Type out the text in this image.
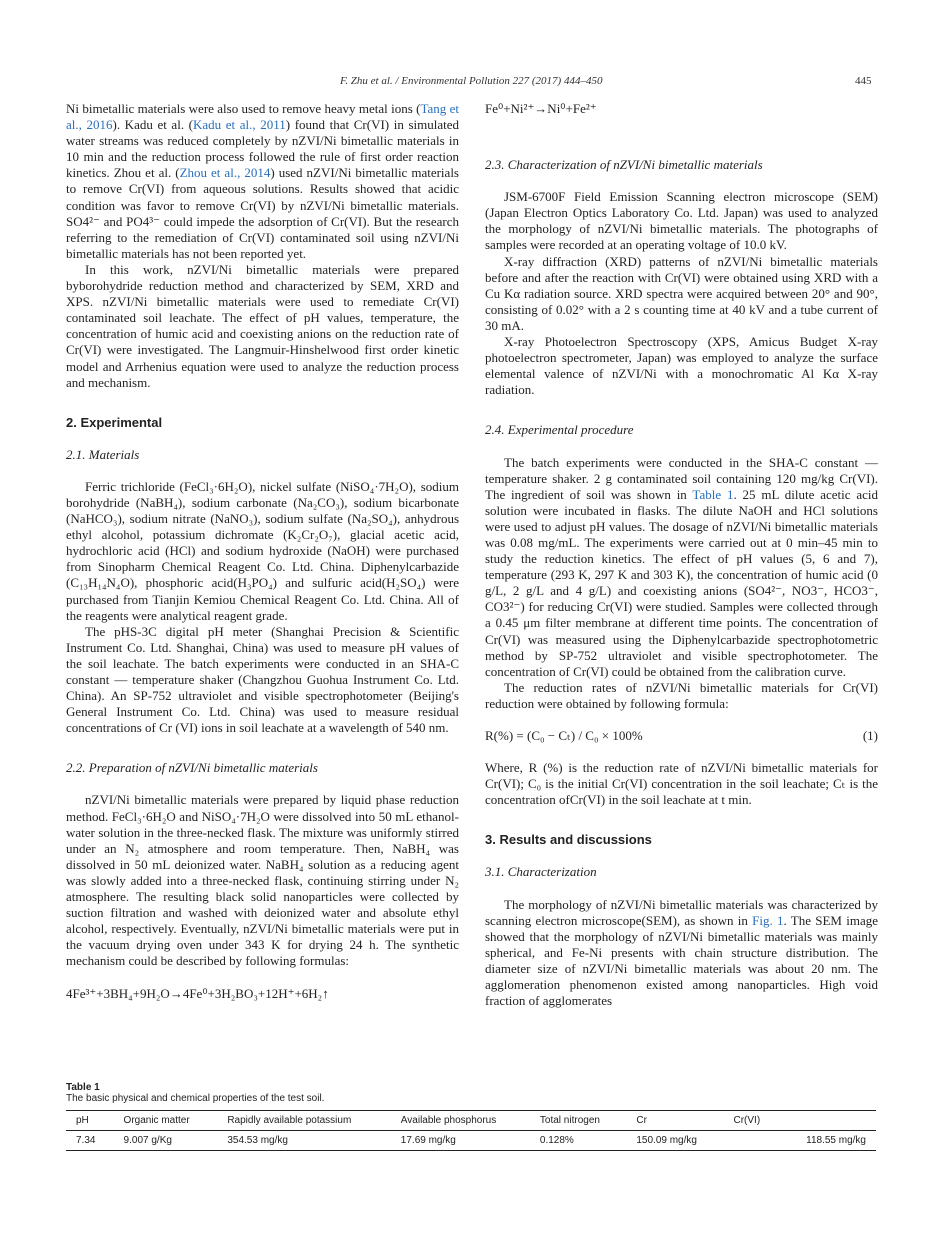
F. Zhu et al. / Environmental Pollution 227 (2017) 444–450	445

Ni bimetallic materials were also used to remove heavy metal ions (Tang et al., 2016). Kadu et al. (Kadu et al., 2011) found that Cr(VI) in simulated water streams was reduced completely by nZVI/Ni bimetallic materials in 10 min and the reduction process followed the rule of first order reaction kinetics. Zhou et al. (Zhou et al., 2014) used nZVI/Ni bimetallic materials to remove Cr(VI) from aqueous solutions. Results showed that acidic condition was favor to remove Cr(VI) by nZVI/Ni bimetallic materials. SO4²⁻ and PO4³⁻ could impede the adsorption of Cr(VI). But the research referring to the remediation of Cr(VI) contaminated soil using nZVI/Ni bimetallic materials has not been reported yet.

In this work, nZVI/Ni bimetallic materials were prepared byborohydride reduction method and characterized by SEM, XRD and XPS. nZVI/Ni bimetallic materials were used to remediate Cr(VI) contaminated soil leachate. The effect of pH values, temperature, the concentration of humic acid and coexisting anions on the reduction rate of Cr(VI) were investigated. The Langmuir-Hinshelwood first order kinetic model and Arrhenius equation were used to analyze the reduction process and mechanism.

2. Experimental

2.1. Materials

Ferric trichloride (FeCl₃·6H₂O), nickel sulfate (NiSO₄·7H₂O), sodium borohydride (NaBH₄), sodium carbonate (Na₂CO₃), sodium bicarbonate (NaHCO₃), sodium nitrate (NaNO₃), sodium sulfate (Na₂SO₄), anhydrous ethyl alcohol, potassium dichromate (K₂Cr₂O₇), glacial acetic acid, hydrochloric acid (HCl) and sodium hydroxide (NaOH) were purchased from Sinopharm Chemical Reagent Co. Ltd. China. Diphenylcarbazide (C₁₃H₁₄N₄O), phosphoric acid(H₃PO₄) and sulfuric acid(H₂SO₄) were purchased from Tianjin Kemiou Chemical Reagent Co. Ltd. China. All of the reagents were analytical reagent grade.

The pHS-3C digital pH meter (Shanghai Precision & Scientific Instrument Co. Ltd. Shanghai, China) was used to measure pH values of the soil leachate. The batch experiments were conducted in an SHA-C constant — temperature shaker (Changzhou Guohua Instrument Co. Ltd. China). An SP-752 ultraviolet and visible spectrophotometer (Beijing's General Instrument Co. Ltd. China) was used to measure residual concentrations of Cr (VI) ions in soil leachate at a wavelength of 540 nm.

2.2. Preparation of nZVI/Ni bimetallic materials

nZVI/Ni bimetallic materials were prepared by liquid phase reduction method. FeCl₃·6H₂O and NiSO₄·7H₂O were dissolved into 50 mL ethanol-water solution in the three-necked flask. The mixture was uniformly stirred under an N₂ atmosphere and room temperature. Then, NaBH₄ was dissolved in 50 mL deionized water. NaBH₄ solution as a reducing agent was slowly added into a three-necked flask, continuing stirring under N₂ atmosphere. The resulting black solid nanoparticles were collected by suction filtration and washed with deionized water and absolute ethyl alcohol, respectively. Eventually, nZVI/Ni bimetallic materials were put in the vacuum drying oven under 343 K for drying 24 h. The synthetic mechanism could be described by following formulas:

4Fe³⁺+3BH₄+9H₂O→4Fe⁰+3H₂BO₃+12H⁺+6H₂↑

Fe⁰+Ni²⁺→Ni⁰+Fe²⁺

2.3. Characterization of nZVI/Ni bimetallic materials

JSM-6700F Field Emission Scanning electron microscope (SEM) (Japan Electron Optics Laboratory Co. Ltd. Japan) was used to analyzed the morphology of nZVI/Ni bimetallic materials. The photographs of samples were recorded at an operating voltage of 10.0 kV.

X-ray diffraction (XRD) patterns of nZVI/Ni bimetallic materials before and after the reaction with Cr(VI) were obtained using XRD with a Cu Kα radiation source. XRD spectra were acquired between 20° and 90°, consisting of 0.02° with a 2 s counting time at 40 kV and a tube current of 30 mA.

X-ray Photoelectron Spectroscopy (XPS, Amicus Budget X-ray photoelectron spectrometer, Japan) was employed to analyze the surface elemental valence of nZVI/Ni with a monochromatic Al Kα X-ray radiation.

2.4. Experimental procedure

The batch experiments were conducted in the SHA-C constant — temperature shaker. 2 g contaminated soil containing 120 mg/kg Cr(VI). The ingredient of soil was shown in Table 1. 25 mL dilute acetic acid solution were incubated in flasks. The dilute NaOH and HCl solutions were used to adjust pH values. The dosage of nZVI/Ni bimetallic materials was 0.08 mg/mL. The experiments were carried out at 0 min–45 min to study the reduction kinetics. The effect of pH values (5, 6 and 7), temperature (293 K, 297 K and 303 K), the concentration of humic acid (0 g/L, 2 g/L and 4 g/L) and coexisting anions (SO4²⁻, NO3⁻, HCO3⁻, CO3²⁻) for reducing Cr(VI) were studied. Samples were collected through a 0.45 μm filter membrane at different time points. The concentration of Cr(VI) was measured using the Diphenylcarbazide spectrophotometric method by SP-752 ultraviolet and visible spectrophotometer. The concentration of Cr(VI) could be obtained from the calibration curve.

The reduction rates of nZVI/Ni bimetallic materials for Cr(VI) reduction were obtained by following formula:

R(%) = (C₀ − Cₜ) / C₀ × 100%	(1)

Where, R (%) is the reduction rate of nZVI/Ni bimetallic materials for Cr(VI); C₀ is the initial Cr(VI) concentration in the soil leachate; Cₜ is the concentration ofCr(VI) in the soil leachate at t min.

3. Results and discussions

3.1. Characterization

The morphology of nZVI/Ni bimetallic materials was characterized by scanning electron microscope(SEM), as shown in Fig. 1. The SEM image showed that the morphology of nZVI/Ni bimetallic materials was mainly spherical, and Fe-Ni presents with chain structure distribution. The diameter size of nZVI/Ni bimetallic materials was about 20 nm. The agglomeration phenomenon existed among nanoparticles. High void fraction of agglomerates

Table 1
The basic physical and chemical properties of the test soil.
pH	Organic matter	Rapidly available potassium	Available phosphorus	Total nitrogen	Cr	Cr(VI)	
7.34	9.007 g/Kg	354.53 mg/kg	17.69 mg/kg	0.128%	150.09 mg/kg		118.55 mg/kg
